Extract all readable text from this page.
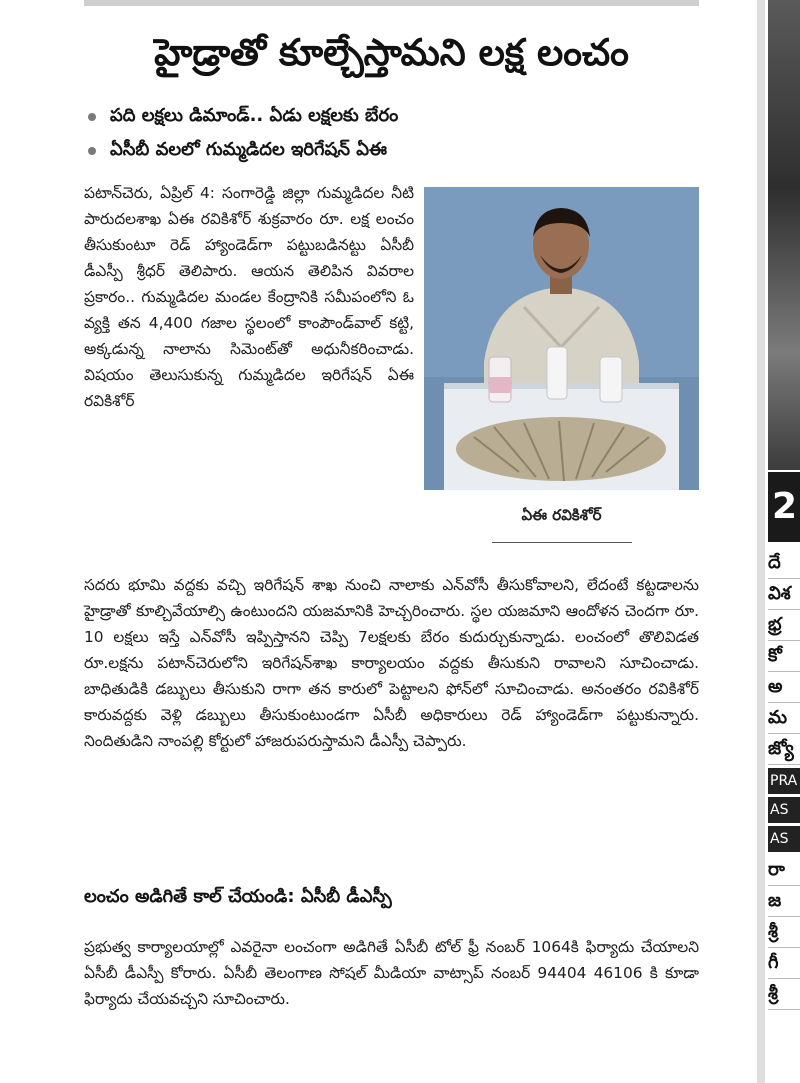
హైడ్రాతో కూల్చేస్తామని లక్ష లంచం
పది లక్షలు డిమాండ్.. ఏడు లక్షలకు బేరం
ఏసీబీ వలలో గుమ్మడిదల ఇరిగేషన్ ఏఈ

పటాన్‌చెరు, ఏప్రిల్ 4: సంగారెడ్డి జిల్లా గుమ్మడిదల నీటి పారుదలశాఖ ఏఈ రవికిశోర్ శుక్రవారం రూ. లక్ష లంచం తీసుకుంటూ రెడ్ హ్యాండెడ్‌గా పట్టుబడినట్టు ఏసీబీ డీఎస్పీ శ్రీధర్ తెలిపారు. ఆయన తెలిపిన వివరాల ప్రకారం.. గుమ్మడిదల మండల కేంద్రానికి సమీపంలోని ఓ వ్యక్తి తన 4,400 గజాల స్థలంలో కాంపౌండ్‌వాల్ కట్టి, అక్కడున్న నాలాను సిమెంట్‌తో అధునీకరించాడు. విషయం తెలుసుకున్న గుమ్మడిదల ఇరిగేషన్ ఏఈ రవికిశోర్

ఏఈ రవికిశోర్

సదరు భూమి వద్దకు వచ్చి ఇరిగేషన్ శాఖ నుంచి నాలాకు ఎన్‌వోసీ తీసుకోవాలని, లేదంటే కట్టడాలను హైడ్రాతో కూల్చివేయాల్సి ఉంటుందని యజమానికి హెచ్చరించారు. స్థల యజమాని ఆందోళన చెందగా రూ. 10 లక్షలు ఇస్తే ఎన్‌వోసీ ఇప్పిస్తానని చెప్పి 7లక్షలకు బేరం కుదుర్చుకున్నాడు. లంచంలో తొలివిడత రూ.లక్షను పటాన్‌చెరులోని ఇరిగేషన్‌శాఖ కార్యాలయం వద్దకు తీసుకుని రావాలని సూచించాడు. బాధితుడికి డబ్బులు తీసుకుని రాగా తన కారులో పెట్టాలని ఫోన్‌లో సూచించాడు. అనంతరం రవికిశోర్ కారువద్దకు వెళ్లి డబ్బులు తీసుకుంటుండగా ఏసీబీ అధికారులు రెడ్ హ్యాండెడ్‌గా పట్టుకున్నారు. నిందితుడిని నాంపల్లి కోర్టులో హాజరుపరుస్తామని డీఎస్పీ చెప్పారు.

లంచం అడిగితే కాల్ చేయండి: ఏసీబీ డీఎస్పీ

ప్రభుత్వ కార్యాలయాల్లో ఎవరైనా లంచంగా అడిగితే ఏసీబీ టోల్ ఫ్రీ నంబర్ 1064కి ఫిర్యాదు చేయాలని ఏసీబీ డీఎస్పీ కోరారు. ఏసీబీ తెలంగాణ సోషల్ మీడియా వాట్సాప్ నంబర్ 94404 46106 కి కూడా ఫిర్యాదు చేయవచ్చని సూచించారు.

2
దే
విశ
భ్ర
కో
అ
మ
జ్యో
PRA
AS
AS
రా
జ
శ్రీ
గీ
శ్రీ
